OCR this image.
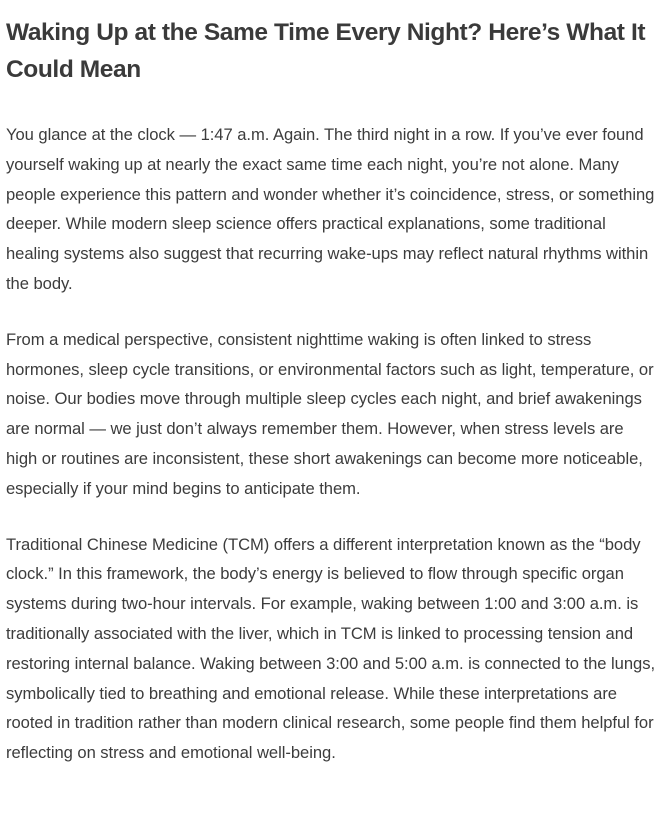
Waking Up at the Same Time Every Night? Here’s What It Could Mean

You glance at the clock — 1:47 a.m. Again. The third night in a row. If you’ve ever found yourself waking up at nearly the exact same time each night, you’re not alone. Many people experience this pattern and wonder whether it’s coincidence, stress, or something deeper. While modern sleep science offers practical explanations, some traditional healing systems also suggest that recurring wake-ups may reflect natural rhythms within the body.

From a medical perspective, consistent nighttime waking is often linked to stress hormones, sleep cycle transitions, or environmental factors such as light, temperature, or noise. Our bodies move through multiple sleep cycles each night, and brief awakenings are normal — we just don’t always remember them. However, when stress levels are high or routines are inconsistent, these short awakenings can become more noticeable, especially if your mind begins to anticipate them.

Traditional Chinese Medicine (TCM) offers a different interpretation known as the “body clock.” In this framework, the body’s energy is believed to flow through specific organ systems during two-hour intervals. For example, waking between 1:00 and 3:00 a.m. is traditionally associated with the liver, which in TCM is linked to processing tension and restoring internal balance. Waking between 3:00 and 5:00 a.m. is connected to the lungs, symbolically tied to breathing and emotional release. While these interpretations are rooted in tradition rather than modern clinical research, some people find them helpful for reflecting on stress and emotional well-being.
